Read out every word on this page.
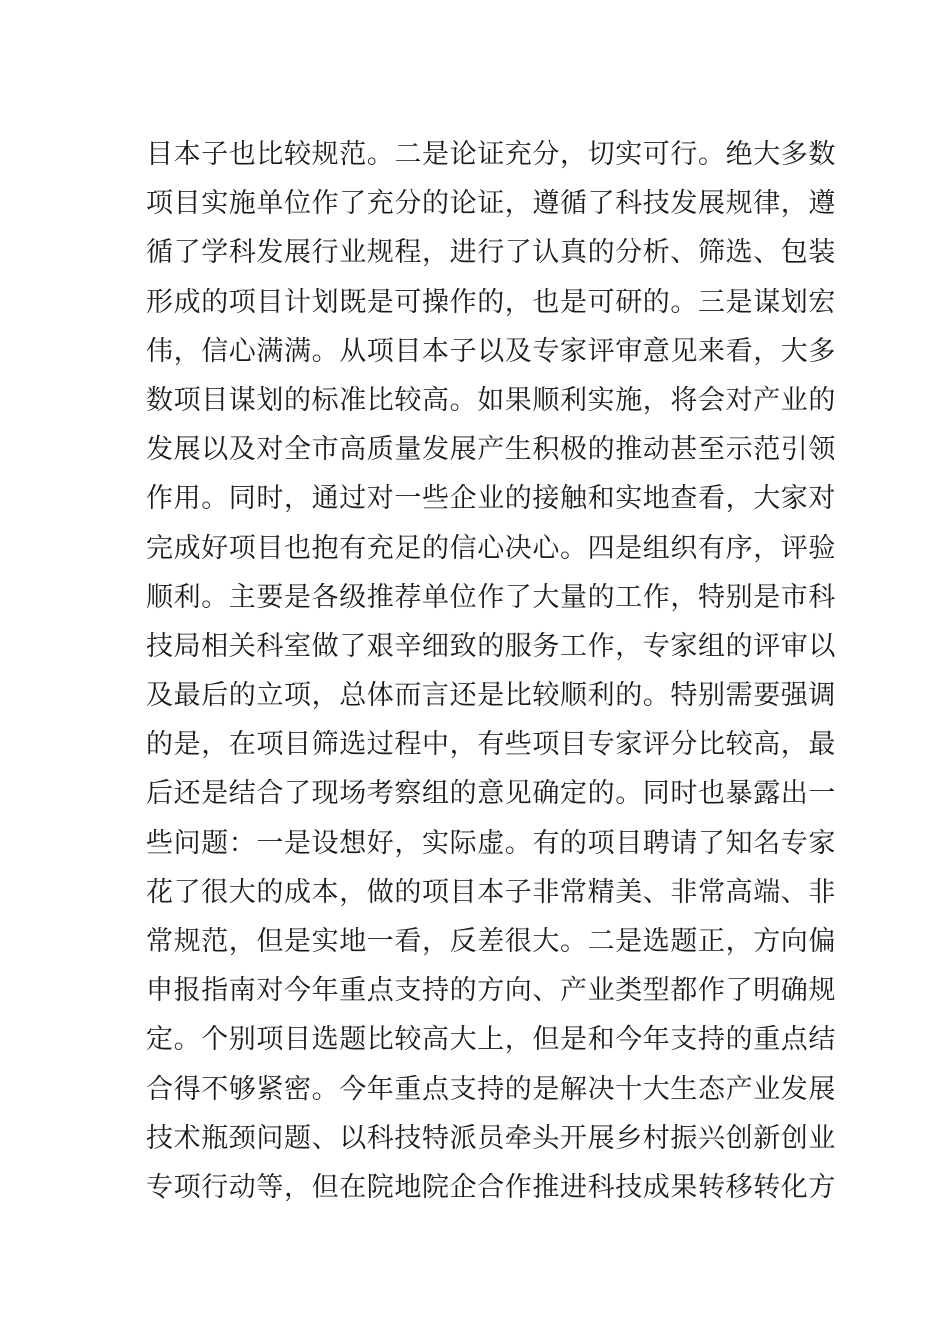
目本子也比较规范。二是论证充分，切实可行。绝大多数
项目实施单位作了充分的论证，遵循了科技发展规律，遵
循了学科发展行业规程，进行了认真的分析、筛选、包装
形成的项目计划既是可操作的，也是可研的。三是谋划宏
伟，信心满满。从项目本子以及专家评审意见来看，大多
数项目谋划的标准比较高。如果顺利实施，将会对产业的
发展以及对全市高质量发展产生积极的推动甚至示范引领
作用。同时，通过对一些企业的接触和实地查看，大家对
完成好项目也抱有充足的信心决心。四是组织有序，评验
顺利。主要是各级推荐单位作了大量的工作，特别是市科
技局相关科室做了艰辛细致的服务工作，专家组的评审以
及最后的立项，总体而言还是比较顺利的。特别需要强调
的是，在项目筛选过程中，有些项目专家评分比较高，最
后还是结合了现场考察组的意见确定的。同时也暴露出一
些问题：一是设想好，实际虚。有的项目聘请了知名专家
花了很大的成本，做的项目本子非常精美、非常高端、非
常规范，但是实地一看，反差很大。二是选题正，方向偏
申报指南对今年重点支持的方向、产业类型都作了明确规
定。个别项目选题比较高大上，但是和今年支持的重点结
合得不够紧密。今年重点支持的是解决十大生态产业发展
技术瓶颈问题、以科技特派员牵头开展乡村振兴创新创业
专项行动等，但在院地院企合作推进科技成果转移转化方
